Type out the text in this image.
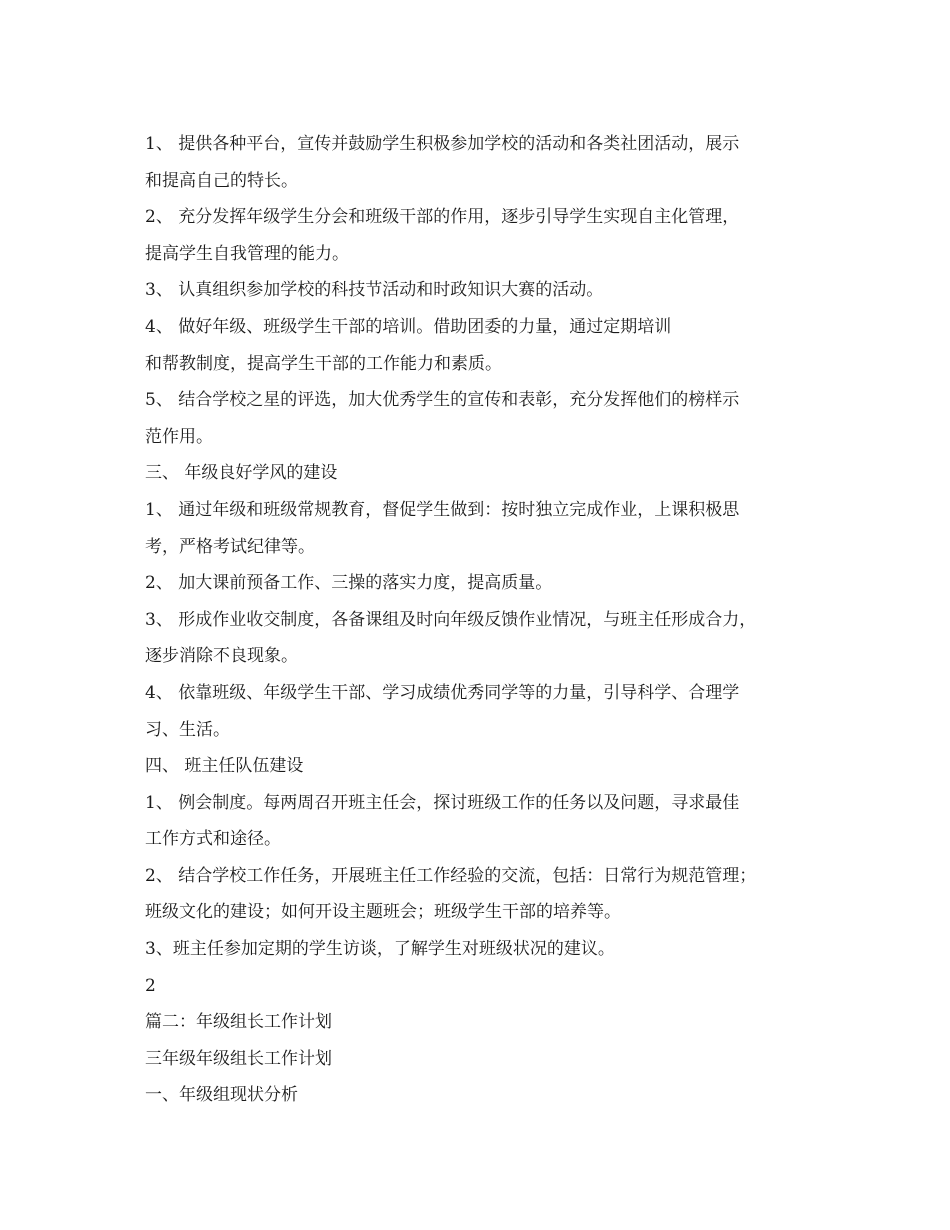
1、 提供各种平台，宣传并鼓励学生积极参加学校的活动和各类社团活动，展示
和提高自己的特长。
2、 充分发挥年级学生分会和班级干部的作用，逐步引导学生实现自主化管理，
提高学生自我管理的能力。
3、 认真组织参加学校的科技节活动和时政知识大赛的活动。
4、 做好年级、班级学生干部的培训。借助团委的力量，通过定期培训
和帮教制度，提高学生干部的工作能力和素质。
5、 结合学校之星的评选，加大优秀学生的宣传和表彰，充分发挥他们的榜样示
范作用。
三、 年级良好学风的建设
1、 通过年级和班级常规教育，督促学生做到：按时独立完成作业，上课积极思
考，严格考试纪律等。
2、 加大课前预备工作、三操的落实力度，提高质量。
3、 形成作业收交制度，各备课组及时向年级反馈作业情况，与班主任形成合力，
逐步消除不良现象。
4、 依靠班级、年级学生干部、学习成绩优秀同学等的力量，引导科学、合理学
习、生活。
四、 班主任队伍建设
1、 例会制度。每两周召开班主任会，探讨班级工作的任务以及问题，寻求最佳
工作方式和途径。
2、 结合学校工作任务，开展班主任工作经验的交流，包括：日常行为规范管理；
班级文化的建设；如何开设主题班会；班级学生干部的培养等。
3、班主任参加定期的学生访谈，了解学生对班级状况的建议。
2
篇二：年级组长工作计划
三年级年级组长工作计划
一、年级组现状分析
